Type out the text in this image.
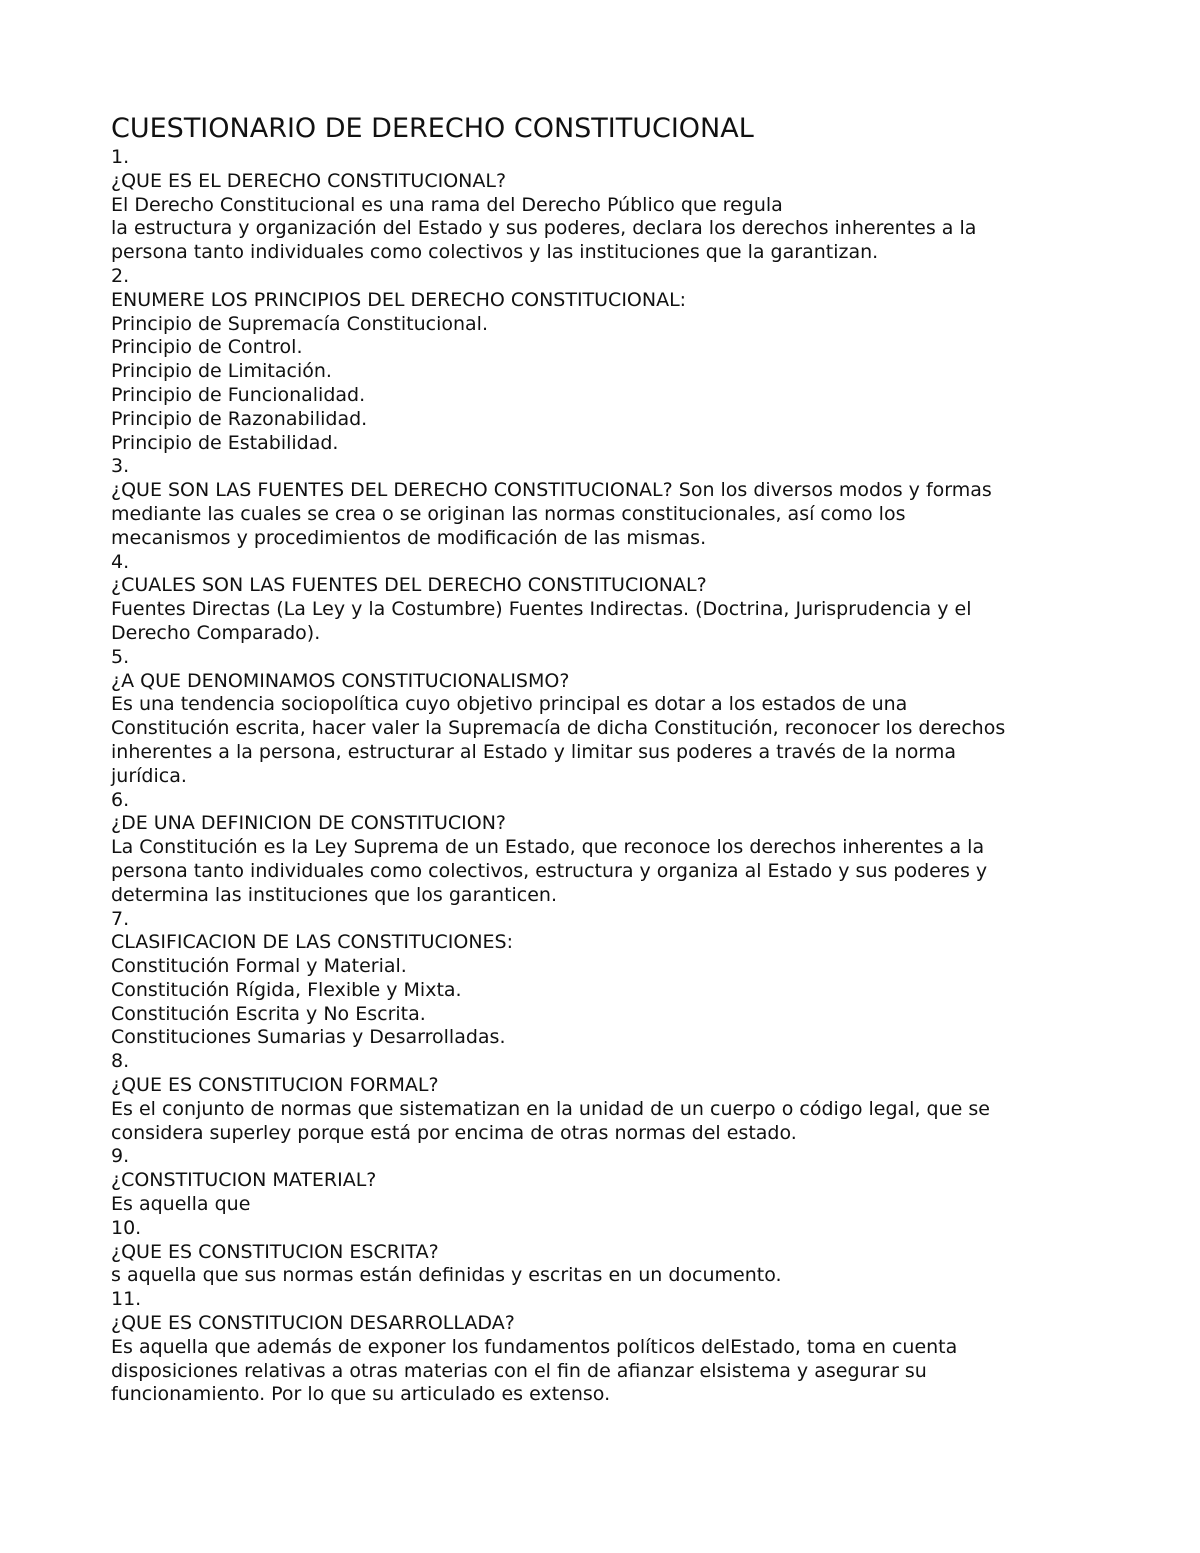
CUESTIONARIO DE DERECHO CONSTITUCIONAL
1.
¿QUE ES EL DERECHO CONSTITUCIONAL?
El Derecho Constitucional es una rama del Derecho Público que regula
la estructura y organización del Estado y sus poderes, declara los derechos inherentes a la
persona tanto individuales como colectivos y las instituciones que la garantizan.
2.
ENUMERE LOS PRINCIPIOS DEL DERECHO CONSTITUCIONAL:
Principio de Supremacía Constitucional.
Principio de Control.
Principio de Limitación.
Principio de Funcionalidad.
Principio de Razonabilidad.
Principio de Estabilidad.
3.
¿QUE SON LAS FUENTES DEL DERECHO CONSTITUCIONAL? Son los diversos modos y formas
mediante las cuales se crea o se originan las normas constitucionales, así como los
mecanismos y procedimientos de modificación de las mismas.
4.
¿CUALES SON LAS FUENTES DEL DERECHO CONSTITUCIONAL?
Fuentes Directas (La Ley y la Costumbre) Fuentes Indirectas. (Doctrina, Jurisprudencia y el
Derecho Comparado).
5.
¿A QUE DENOMINAMOS CONSTITUCIONALISMO?
Es una tendencia sociopolítica cuyo objetivo principal es dotar a los estados de una
Constitución escrita, hacer valer la Supremacía de dicha Constitución, reconocer los derechos
inherentes a la persona, estructurar al Estado y limitar sus poderes a través de la norma
jurídica.
6.
¿DE UNA DEFINICION DE CONSTITUCION?
La Constitución es la Ley Suprema de un Estado, que reconoce los derechos inherentes a la
persona tanto individuales como colectivos, estructura y organiza al Estado y sus poderes y
determina las instituciones que los garanticen.
7.
CLASIFICACION DE LAS CONSTITUCIONES:
Constitución Formal y Material.
Constitución Rígida, Flexible y Mixta.
Constitución Escrita y No Escrita.
Constituciones Sumarias y Desarrolladas.
8.
¿QUE ES CONSTITUCION FORMAL?
Es el conjunto de normas que sistematizan en la unidad de un cuerpo o código legal, que se
considera superley porque está por encima de otras normas del estado.
9.
¿CONSTITUCION MATERIAL?
Es aquella que
10.
¿QUE ES CONSTITUCION ESCRITA?
s aquella que sus normas están definidas y escritas en un documento.
11.
¿QUE ES CONSTITUCION DESARROLLADA?
Es aquella que además de exponer los fundamentos políticos delEstado, toma en cuenta
disposiciones relativas a otras materias con el fin de afianzar elsistema y asegurar su
funcionamiento. Por lo que su articulado es extenso.
